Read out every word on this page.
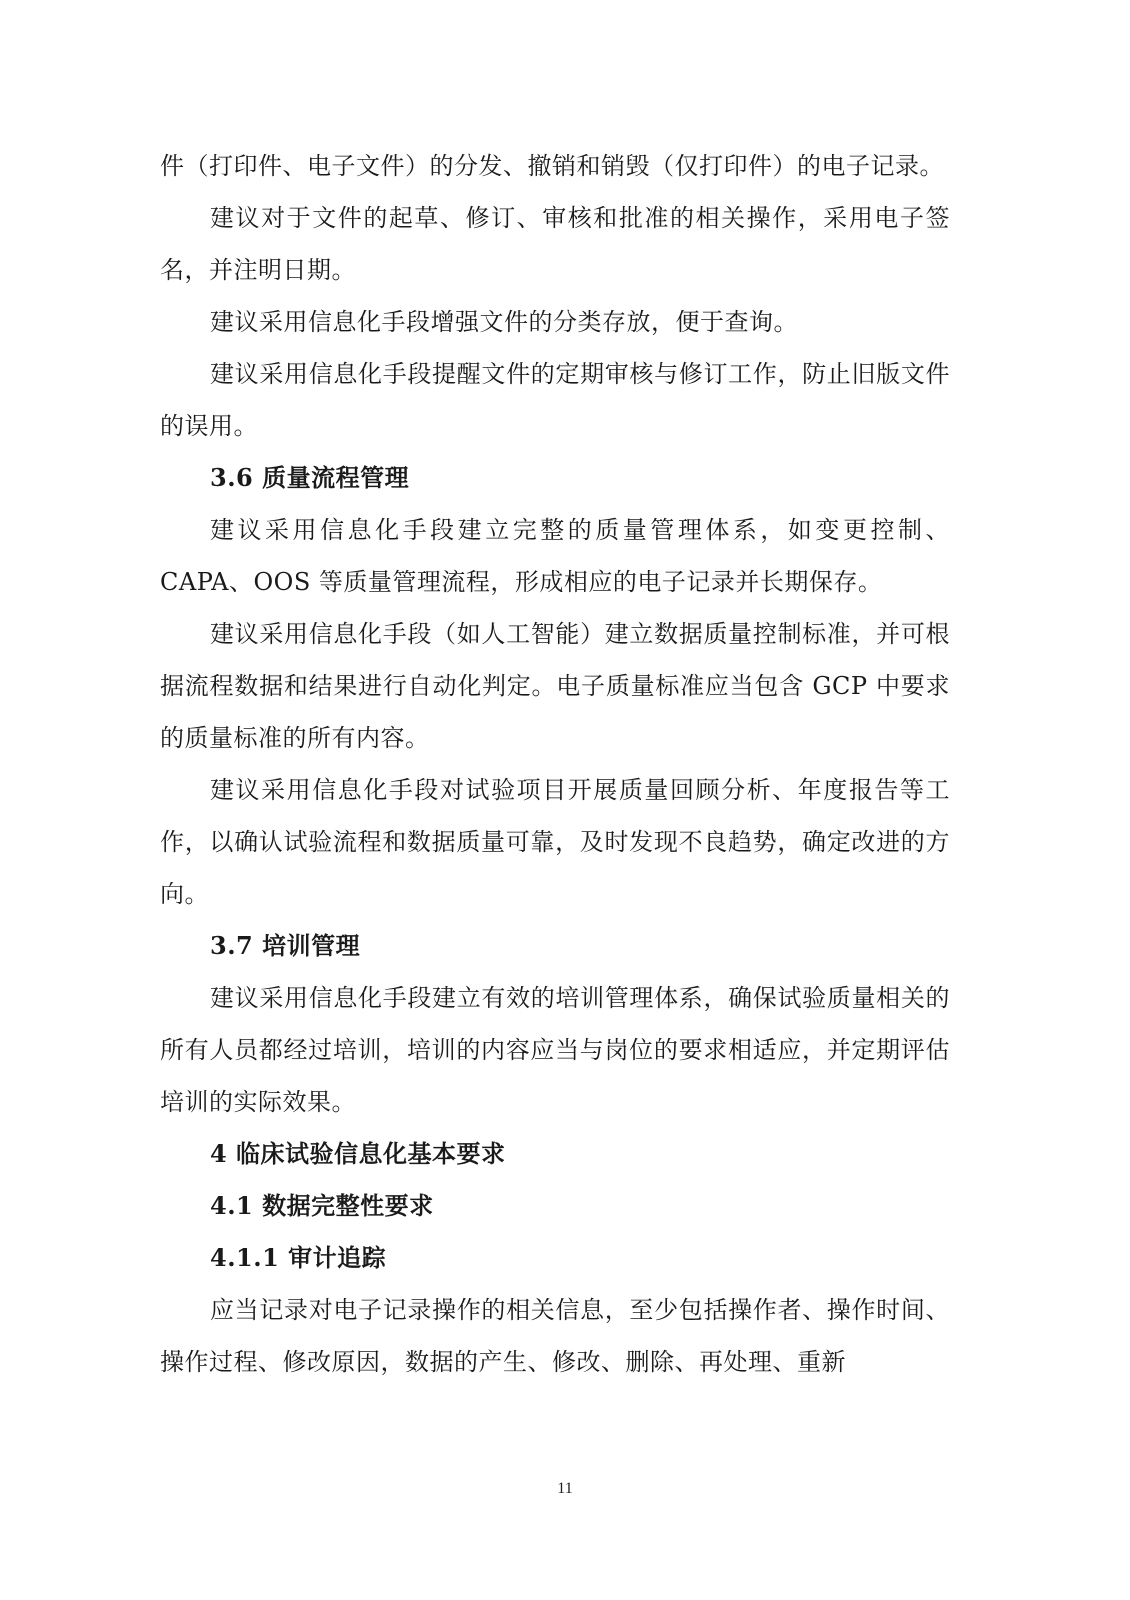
件（打印件、电子文件）的分发、撤销和销毁（仅打印件）的电子记录。

建议对于文件的起草、修订、审核和批准的相关操作，采用电子签名，并注明日期。

建议采用信息化手段增强文件的分类存放，便于查询。

建议采用信息化手段提醒文件的定期审核与修订工作，防止旧版文件的误用。

3.6 质量流程管理

建议采用信息化手段建立完整的质量管理体系，如变更控制、CAPA、OOS 等质量管理流程，形成相应的电子记录并长期保存。

建议采用信息化手段（如人工智能）建立数据质量控制标准，并可根据流程数据和结果进行自动化判定。电子质量标准应当包含 GCP 中要求的质量标准的所有内容。

建议采用信息化手段对试验项目开展质量回顾分析、年度报告等工作，以确认试验流程和数据质量可靠，及时发现不良趋势，确定改进的方向。

3.7 培训管理

建议采用信息化手段建立有效的培训管理体系，确保试验质量相关的所有人员都经过培训，培训的内容应当与岗位的要求相适应，并定期评估培训的实际效果。

4 临床试验信息化基本要求
4.1 数据完整性要求
4.1.1 审计追踪

应当记录对电子记录操作的相关信息，至少包括操作者、操作时间、操作过程、修改原因，数据的产生、修改、删除、再处理、重新

11
